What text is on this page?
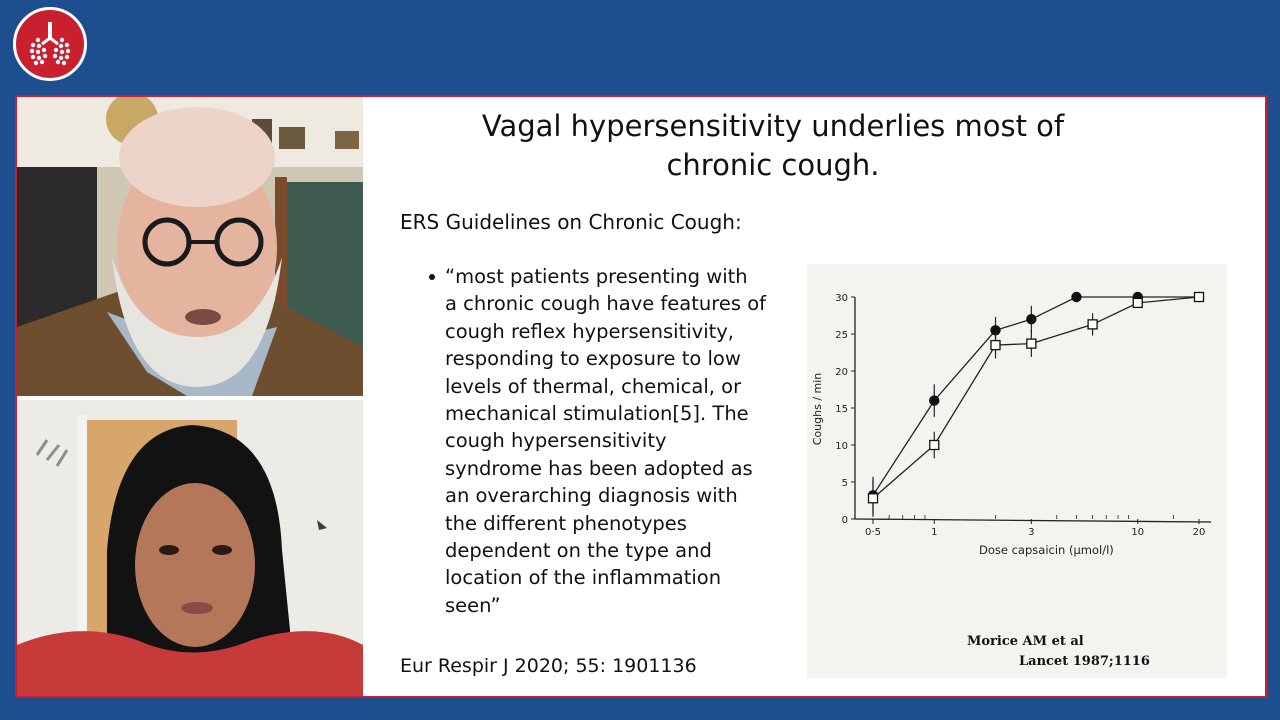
Vagal hypersensitivity underlies most of
chronic cough.
ERS Guidelines on Chronic Cough:
“most patients presenting with
a chronic cough have features of
cough reflex hypersensitivity,
responding to exposure to low
levels of thermal, chemical, or
mechanical stimulation[5]. The
cough hypersensitivity
syndrome has been adopted as
an overarching diagnosis with
the different phenotypes
dependent on the type and
location of the inflammation
seen”
Eur Respir J 2020; 55: 1901136
0
5
10
15
20
25
30
0·5	1	3	10	20
Coughs / min
Dose capsaicin (μmol/l)
Morice AM et al
Lancet 1987;1116
